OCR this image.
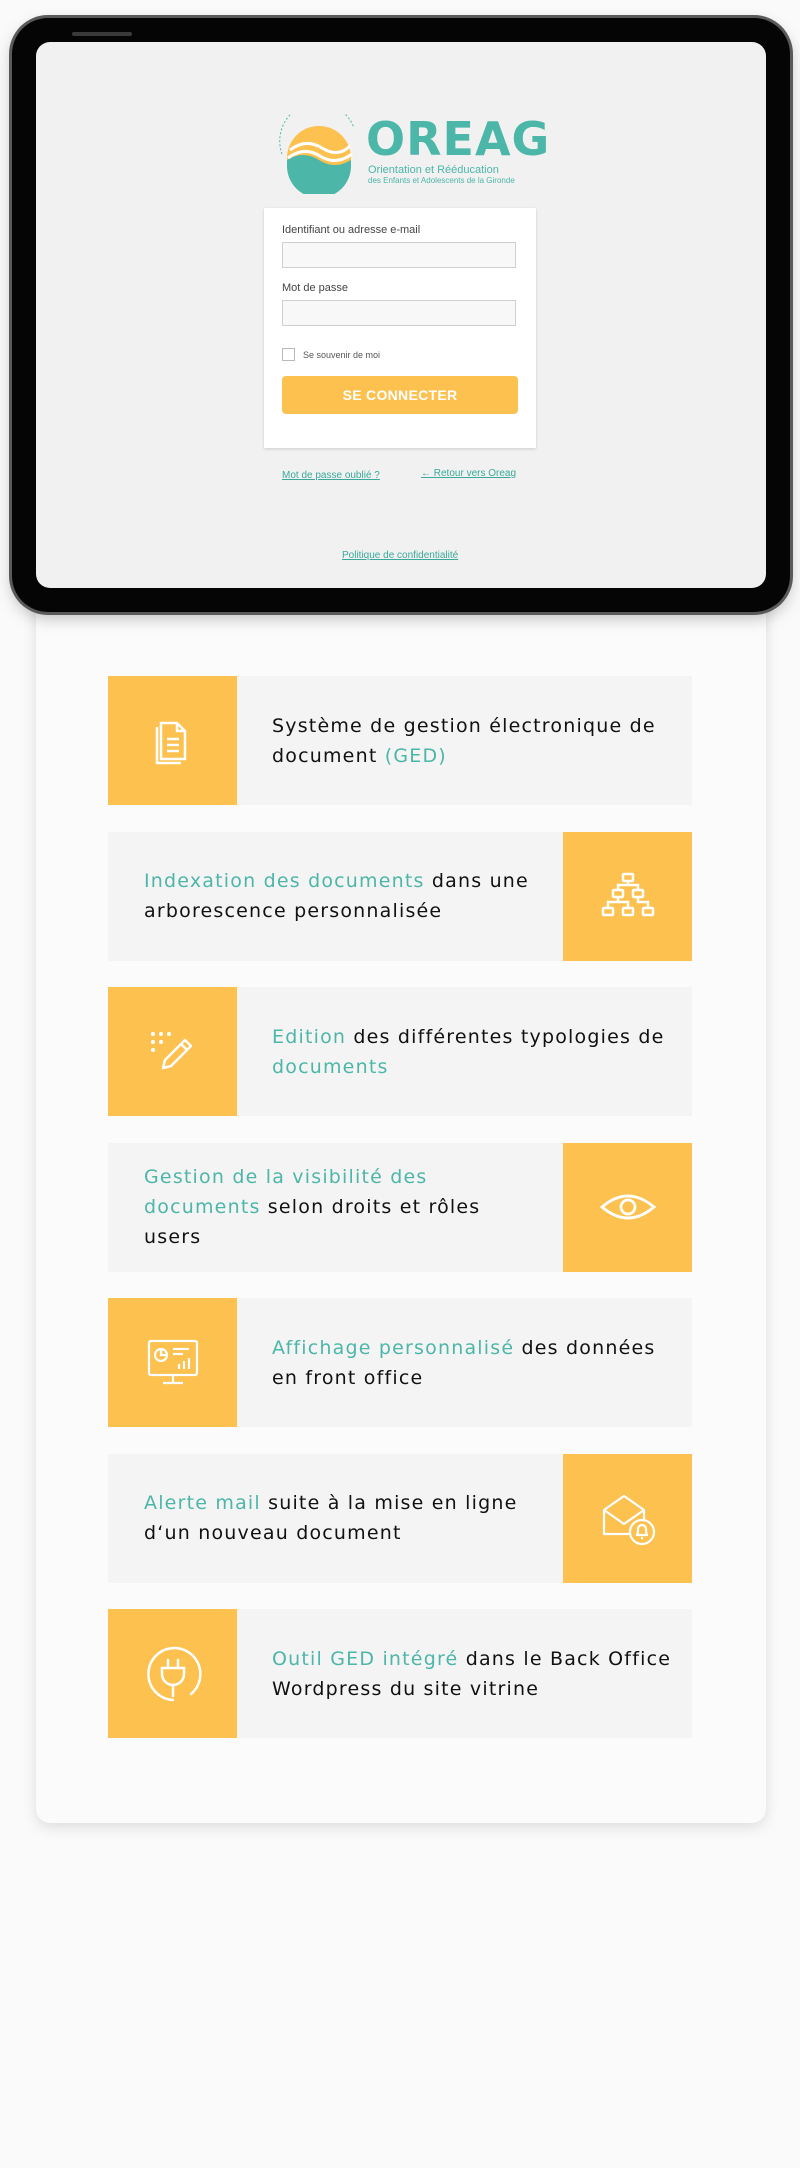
OREAG
Orientation et Rééducation
des Enfants et Adolescents de la Gironde
Identifiant ou adresse e-mail
Mot de passe
Se souvenir de moi
SE CONNECTER
Mot de passe oublié ?	← Retour vers Oreag
Politique de confidentialité
Système de gestion électronique de document (GED)
Indexation des documents dans une arborescence personnalisée
Edition des différentes typologies de documents
Gestion de la visibilité des documents selon droits et rôles users
Affichage personnalisé des données en front office
Alerte mail suite à la mise en ligne d‘un nouveau document
Outil GED intégré dans le Back Office Wordpress du site vitrine
